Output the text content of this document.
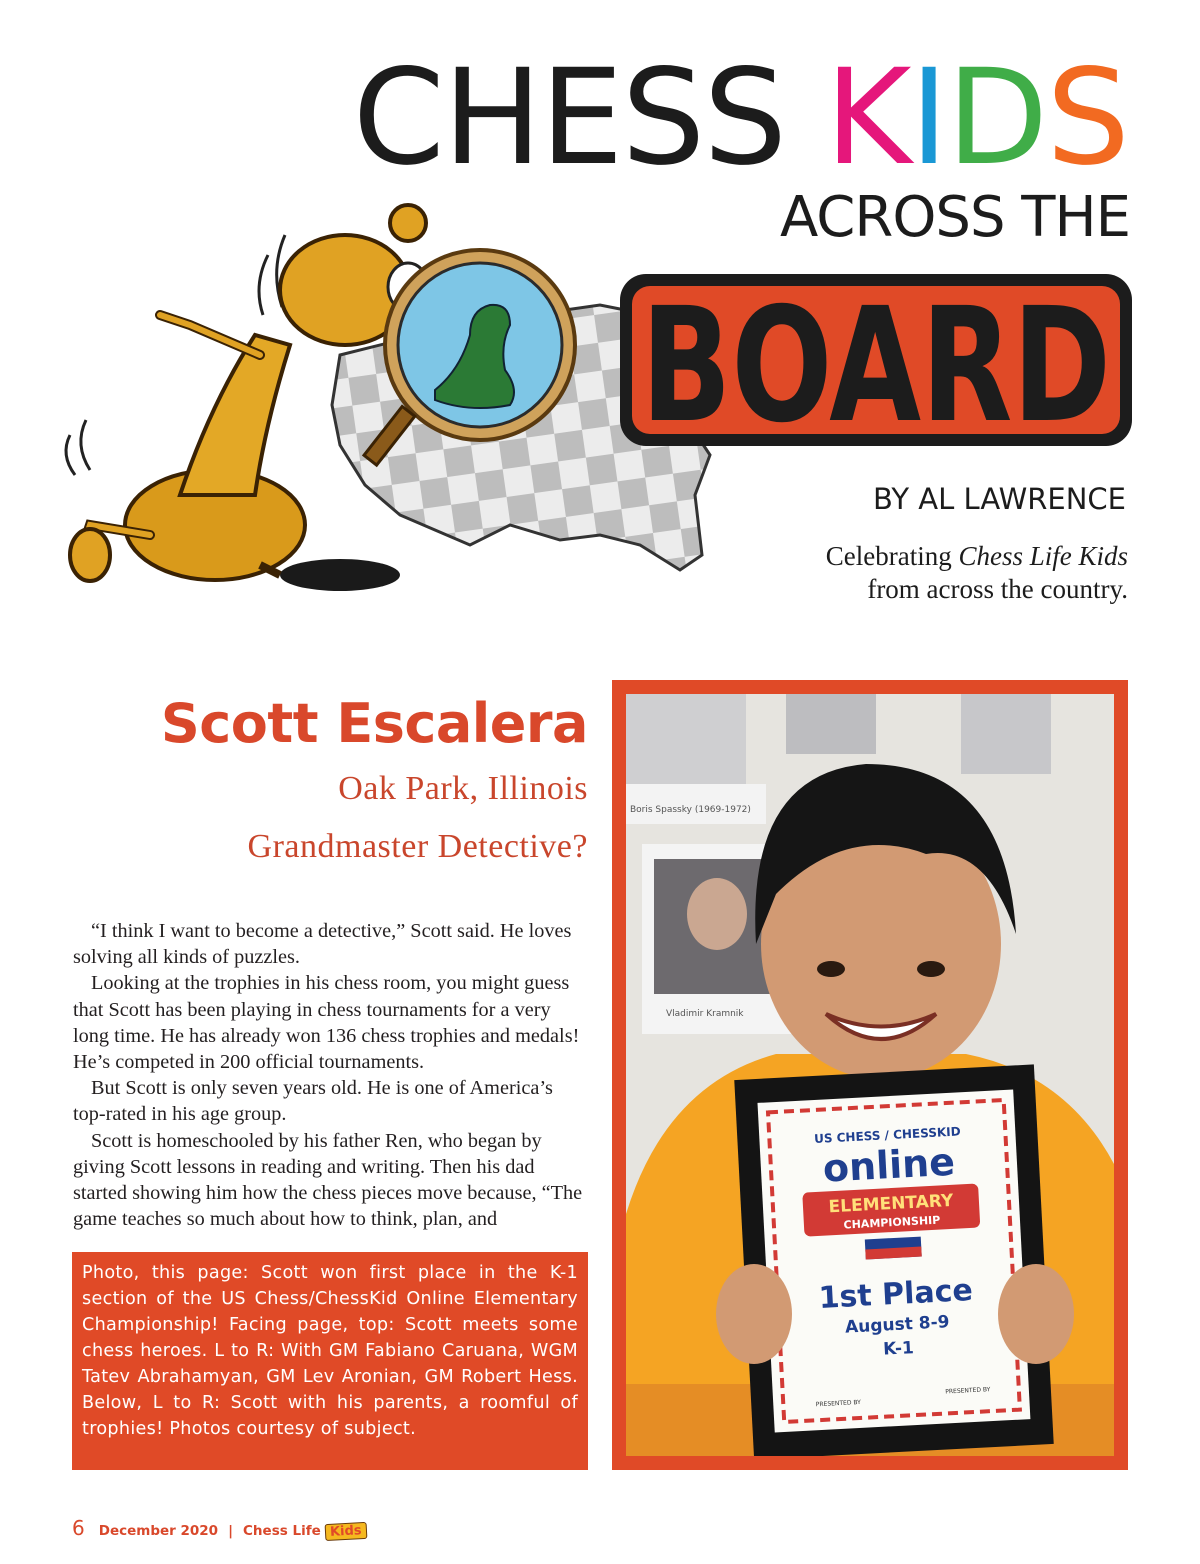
CHESS KIDS
ACROSS THE
BOARD
BY AL LAWRENCE
Celebrating Chess Life Kids
from across the country.
Scott Escalera
Oak Park, Illinois
Grandmaster Detective?

“I think I want to become a detective,” Scott said. He loves solving all kinds of puzzles.

Looking at the trophies in his chess room, you might guess that Scott has been playing in chess tournaments for a very long time. He has already won 136 chess trophies and medals! He’s competed in 200 official tournaments.

But Scott is only seven years old. He is one of America’s top-rated in his age group.

Scott is homeschooled by his father Ren, who began by giving Scott lessons in reading and writing. Then his dad started showing him how the chess pieces move because, “The game teaches so much about how to think, plan, and

Photo, this page: Scott won first place in the K-1 section of the US Chess/ChessKid Online Elementary Championship! Facing page, top: Scott meets some chess heroes. L to R: With GM Fabiano Caruana, WGM Tatev Abrahamyan, GM Lev Aronian, GM Robert Hess. Below, L to R: Scott with his parents, a roomful of trophies! Photos courtesy of subject.

Boris Spassky (1969-1972)
Vladimir Kramnik
US CHESS / CHESSKID
online
ELEMENTARY
CHAMPIONSHIP
1st Place
August 8-9
K-1
PRESENTED BY
PRESENTED BY
6 December 2020 | Chess Life Kids
